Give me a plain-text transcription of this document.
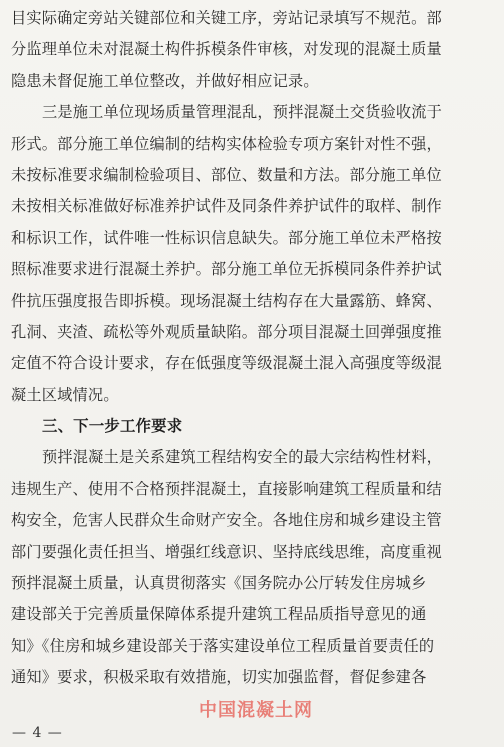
目实际确定旁站关键部位和关键工序，旁站记录填写不规范。部
分监理单位未对混凝土构件拆模条件审核，对发现的混凝土质量
隐患未督促施工单位整改，并做好相应记录。
三是施工单位现场质量管理混乱，预拌混凝土交货验收流于
形式。部分施工单位编制的结构实体检验专项方案针对性不强，
未按标准要求编制检验项目、部位、数量和方法。部分施工单位
未按相关标准做好标准养护试件及同条件养护试件的取样、制作
和标识工作，试件唯一性标识信息缺失。部分施工单位未严格按
照标准要求进行混凝土养护。部分施工单位无拆模同条件养护试
件抗压强度报告即拆模。现场混凝土结构存在大量露筋、蜂窝、
孔洞、夹渣、疏松等外观质量缺陷。部分项目混凝土回弹强度推
定值不符合设计要求，存在低强度等级混凝土混入高强度等级混
凝土区域情况。
三、下一步工作要求
预拌混凝土是关系建筑工程结构安全的最大宗结构性材料，
违规生产、使用不合格预拌混凝土，直接影响建筑工程质量和结
构安全，危害人民群众生命财产安全。各地住房和城乡建设主管
部门要强化责任担当、增强红线意识、坚持底线思维，高度重视
预拌混凝土质量，认真贯彻落实《国务院办公厅转发住房城乡
建设部关于完善质量保障体系提升建筑工程品质指导意见的通
知》《住房和城乡建设部关于落实建设单位工程质量首要责任的
通知》要求，积极采取有效措施，切实加强监督，督促参建各
中国混凝土网
— 4 —
